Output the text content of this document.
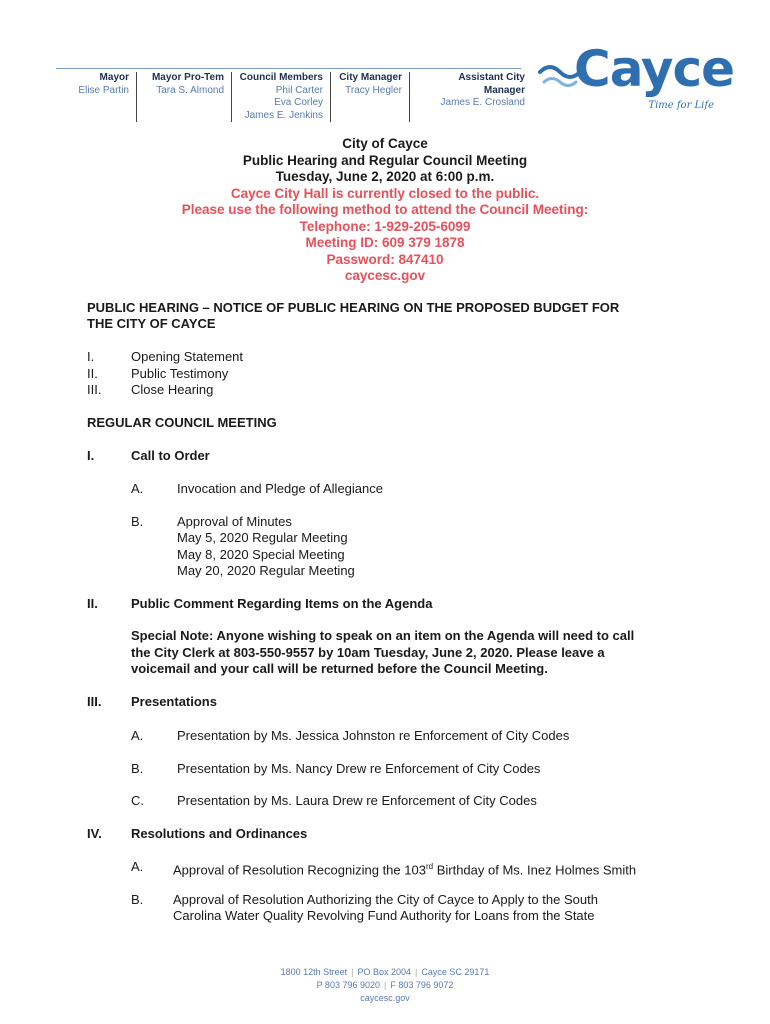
Mayor
Elise Partin
Mayor Pro-Tem
Tara S. Almond
Council Members
Phil Carter
Eva Corley
James E. Jenkins
City Manager
Tracy Hegler
Assistant City Manager
James E. Crosland
Cayce
Time for Life
City of Cayce
Public Hearing and Regular Council Meeting
Tuesday, June 2, 2020 at 6:00 p.m.
Cayce City Hall is currently closed to the public.
Please use the following method to attend the Council Meeting:
Telephone: 1-929-205-6099
Meeting ID: 609 379 1878
Password: 847410
caycesc.gov
PUBLIC HEARING – NOTICE OF PUBLIC HEARING ON THE PROPOSED BUDGET FOR
THE CITY OF CAYCE
I.	Opening Statement
II.	Public Testimony
III. Close Hearing
REGULAR COUNCIL MEETING
I.	Call to Order
A.	Invocation and Pledge of Allegiance
B.	Approval of Minutes
May 5, 2020 Regular Meeting
May 8, 2020 Special Meeting
May 20, 2020 Regular Meeting
II.	Public Comment Regarding Items on the Agenda
Special Note: Anyone wishing to speak on an item on the Agenda will need to call
the City Clerk at 803-550-9557 by 10am Tuesday, June 2, 2020. Please leave a
voicemail and your call will be returned before the Council Meeting.
III. Presentations
A.	Presentation by Ms. Jessica Johnston re Enforcement of City Codes
B.	Presentation by Ms. Nancy Drew re Enforcement of City Codes
C.	Presentation by Ms. Laura Drew re Enforcement of City Codes
IV. Resolutions and Ordinances
A. Approval of Resolution Recognizing the 103rd Birthday of Ms. Inez Holmes Smith
B. Approval of Resolution Authorizing the City of Cayce to Apply to the South
Carolina Water Quality Revolving Fund Authority for Loans from the State
1800 12th Street | PO Box 2004 | Cayce SC 29171
P 803 796 9020 | F 803 796 9072
caycesc.gov
